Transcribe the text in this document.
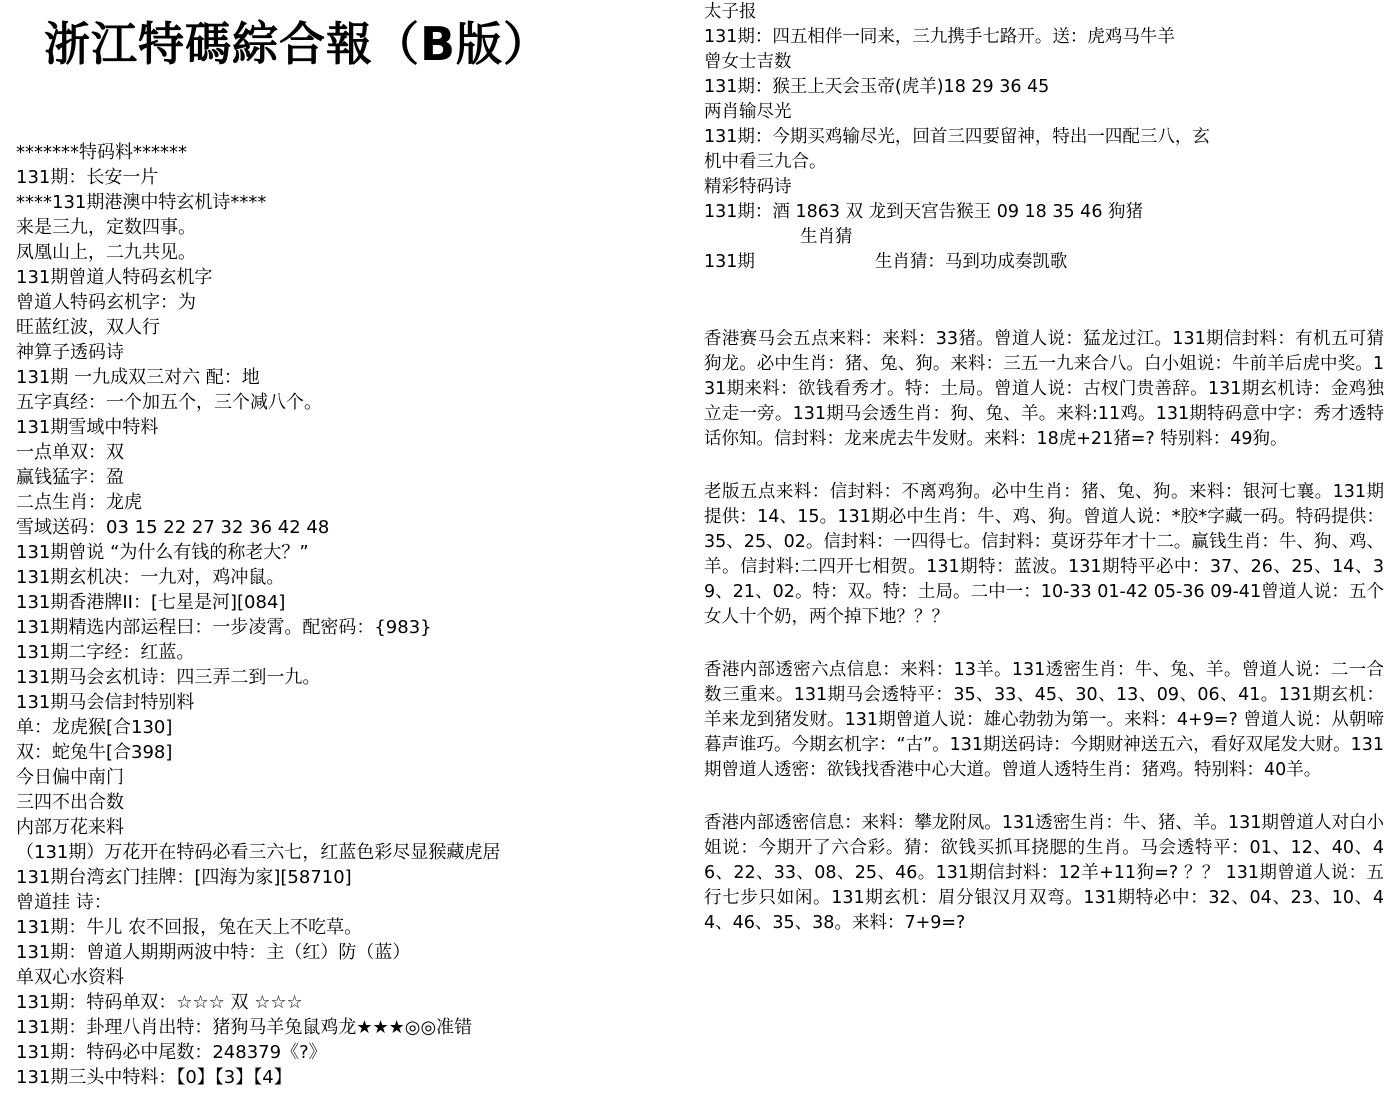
浙江特碼綜合報（B版）
*******特码料******
131期：长安一片
****131期港澳中特玄机诗****
来是三九，定数四事。
凤凰山上，二九共见。
131期曾道人特码玄机字
曾道人特码玄机字：为
旺蓝红波，双人行
神算子透码诗
131期 一九成双三对六 配：地
五字真经：一个加五个，三个减八个。
131期雪域中特料
一点单双：双
赢钱猛字：盈
二点生肖：龙虎
雪域送码：03 15 22 27 32 36 42 48
131期曾说 “为什么有钱的称老大？”
131期玄机决：一九对，鸡冲鼠。
131期香港牌II：[七星是河][084]
131期精选内部运程曰：一步凌霄。配密码：{983}
131期二字经：红蓝。
131期马会玄机诗：四三弄二到一九。
131期马会信封特别料
单：龙虎猴[合130]
双：蛇兔牛[合398]
今日偏中南门
三四不出合数
内部万花来料
（131期）万花开在特码必看三六七，红蓝色彩尽显猴藏虎居
131期台湾玄门挂牌：[四海为家][58710]
曾道挂 诗：
131期：牛儿 农不回报，兔在天上不吃草。
131期：曾道人期期两波中特：主（红）防（蓝）
单双心水资料
131期：特码单双：☆☆☆ 双 ☆☆☆
131期：卦理八肖出特：猪狗马羊兔鼠鸡龙★★★◎◎准错
131期：特码必中尾数：248379《?》
131期三头中特料：【0】【3】【4】
太子报
131期：四五相伴一同来，三九携手七路开。送：虎鸡马牛羊
曾女士吉数
131期：猴王上天会玉帝(虎羊)18 29 36 45
两肖输尽光
131期：今期买鸡输尽光，回首三四要留神，特出一四配三八，玄
机中看三九合。
精彩特码诗
131期：酒 1863 双 龙到天宫告猴王 09 18 35 46 狗猪
生肖猜
131期	生肖猜：马到功成奏凯歌

香港赛马会五点来料：来料：33猪。曾道人说：猛龙过江。131期信封料：有机五可猜狗龙。必中生肖：猪、兔、狗。来料：三五一九来合八。白小姐说：牛前羊后虎中奖。131期来料：欲钱看秀才。特：土局。曾道人说：古杈门贵善辞。131期玄机诗：金鸡独立走一旁。131期马会透生肖：狗、兔、羊。来料:11鸡。131期特码意中字：秀才透特话你知。信封料：龙来虎去牛发财。来料：18虎+21猪=? 特别料：49狗。

老版五点来料：信封料：不离鸡狗。必中生肖：猪、兔、狗。来料：银河七襄。131期提供：14、15。131期必中生肖：牛、鸡、狗。曾道人说：*胶*字藏一码。特码提供：35、25、02。信封料：一四得七。信封料：莫讶芬年才十二。赢钱生肖：牛、狗、鸡、羊。信封料:二四开七相贺。131期特：蓝波。131期特平必中：37、26、25、14、39、21、02。特：双。特：土局。二中一：10-33 01-42 05-36 09-41曾道人说：五个女人十个奶，两个掉下地？？？

香港内部透密六点信息：来料：13羊。131透密生肖：牛、兔、羊。曾道人说：二一合数三重来。131期马会透特平：35、33、45、30、13、09、06、41。131期玄机：羊来龙到猪发财。131期曾道人说：雄心勃勃为第一。来料：4+9=? 曾道人说：从朝啼暮声谁巧。今期玄机字：“古”。131期送码诗：今期财神送五六，看好双尾发大财。131期曾道人透密：欲钱找香港中心大道。曾道人透特生肖：猪鸡。特别料：40羊。

香港内部透密信息：来料：攀龙附凤。131透密生肖：牛、猪、羊。131期曾道人对白小姐说：今期开了六合彩。猜：欲钱买抓耳挠腮的生肖。马会透特平：01、12、40、46、22、33、08、25、46。131期信封料：12羊+11狗=? ？？ 131期曾道人说：五行七步只如闲。131期玄机：眉分银汉月双弯。131期特必中：32、04、23、10、44、46、35、38。来料：7+9=?
